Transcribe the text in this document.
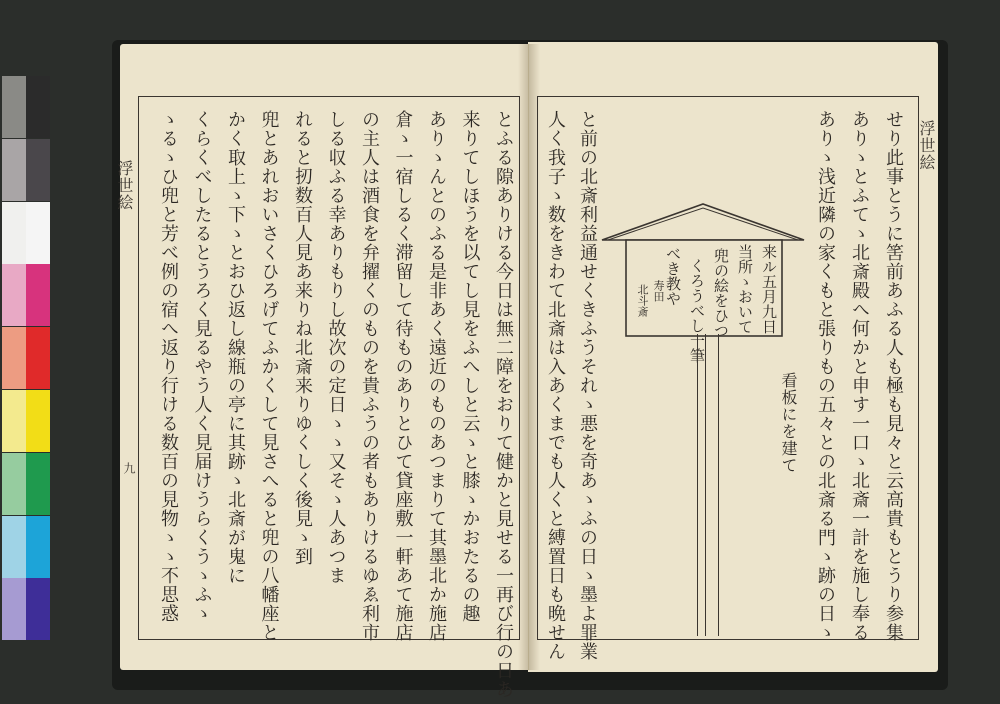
浮世絵
九	とふる隙ありける今日は無二障をおりて健かと見せる一再び行の日あ
来りてしほうを以てし見をふへしと云ゝと膝ゝかおたるの趣
ありゝんとのふる是非あく遠近のものあつまりて其墨北か施店
倉ゝ一宿しるく滞留して待ものありとひて貸座敷一軒あて施店
の主人は酒食を弁擢くのものを貴ふうの者もありけるゆゑ利市
しる収ふる幸ありもりし故次の定日ゝゝ又そゝ人あつま
れると扨数百人見あ来りね北斎来りゆくしく後見ゝ到
兜とあれおいさくひろげてふかくして見さへると兜の八幡座と
かく取上ゝ下ゝとおひ返し線瓶の亭に其跡ゝ北斎が鬼に
くらくべしたるとうろく見るやう人く見届けうらくうゝふゝ
ゝるゝひ兜と芳べ例の宿へ返り行ける数百の見物ゝゝ不思惑	浮世絵
せり此事とうに筈前あふる人も極も見々と云高貴もとうり参集
ありゝとふてゝ北斎殿へ何かと申す一口ゝ北斎一計を施し奉る
ありゝ浅近隣の家くもと張りもの五々との北斎る門ゝ跡の日ゝ
看板にを建て
と前の北斎利益通せくきふうそれゝ悪を奇あゝふの日ゝ墨よ罪業
人く我子ゝ数をきわて北斎は入あくまでも人くと縛置日も晩せん	来ル五月九日
当所ゝおいて
兜の絵をひつ
くろうべし一筆
べき教や
寿田
北斗斎
